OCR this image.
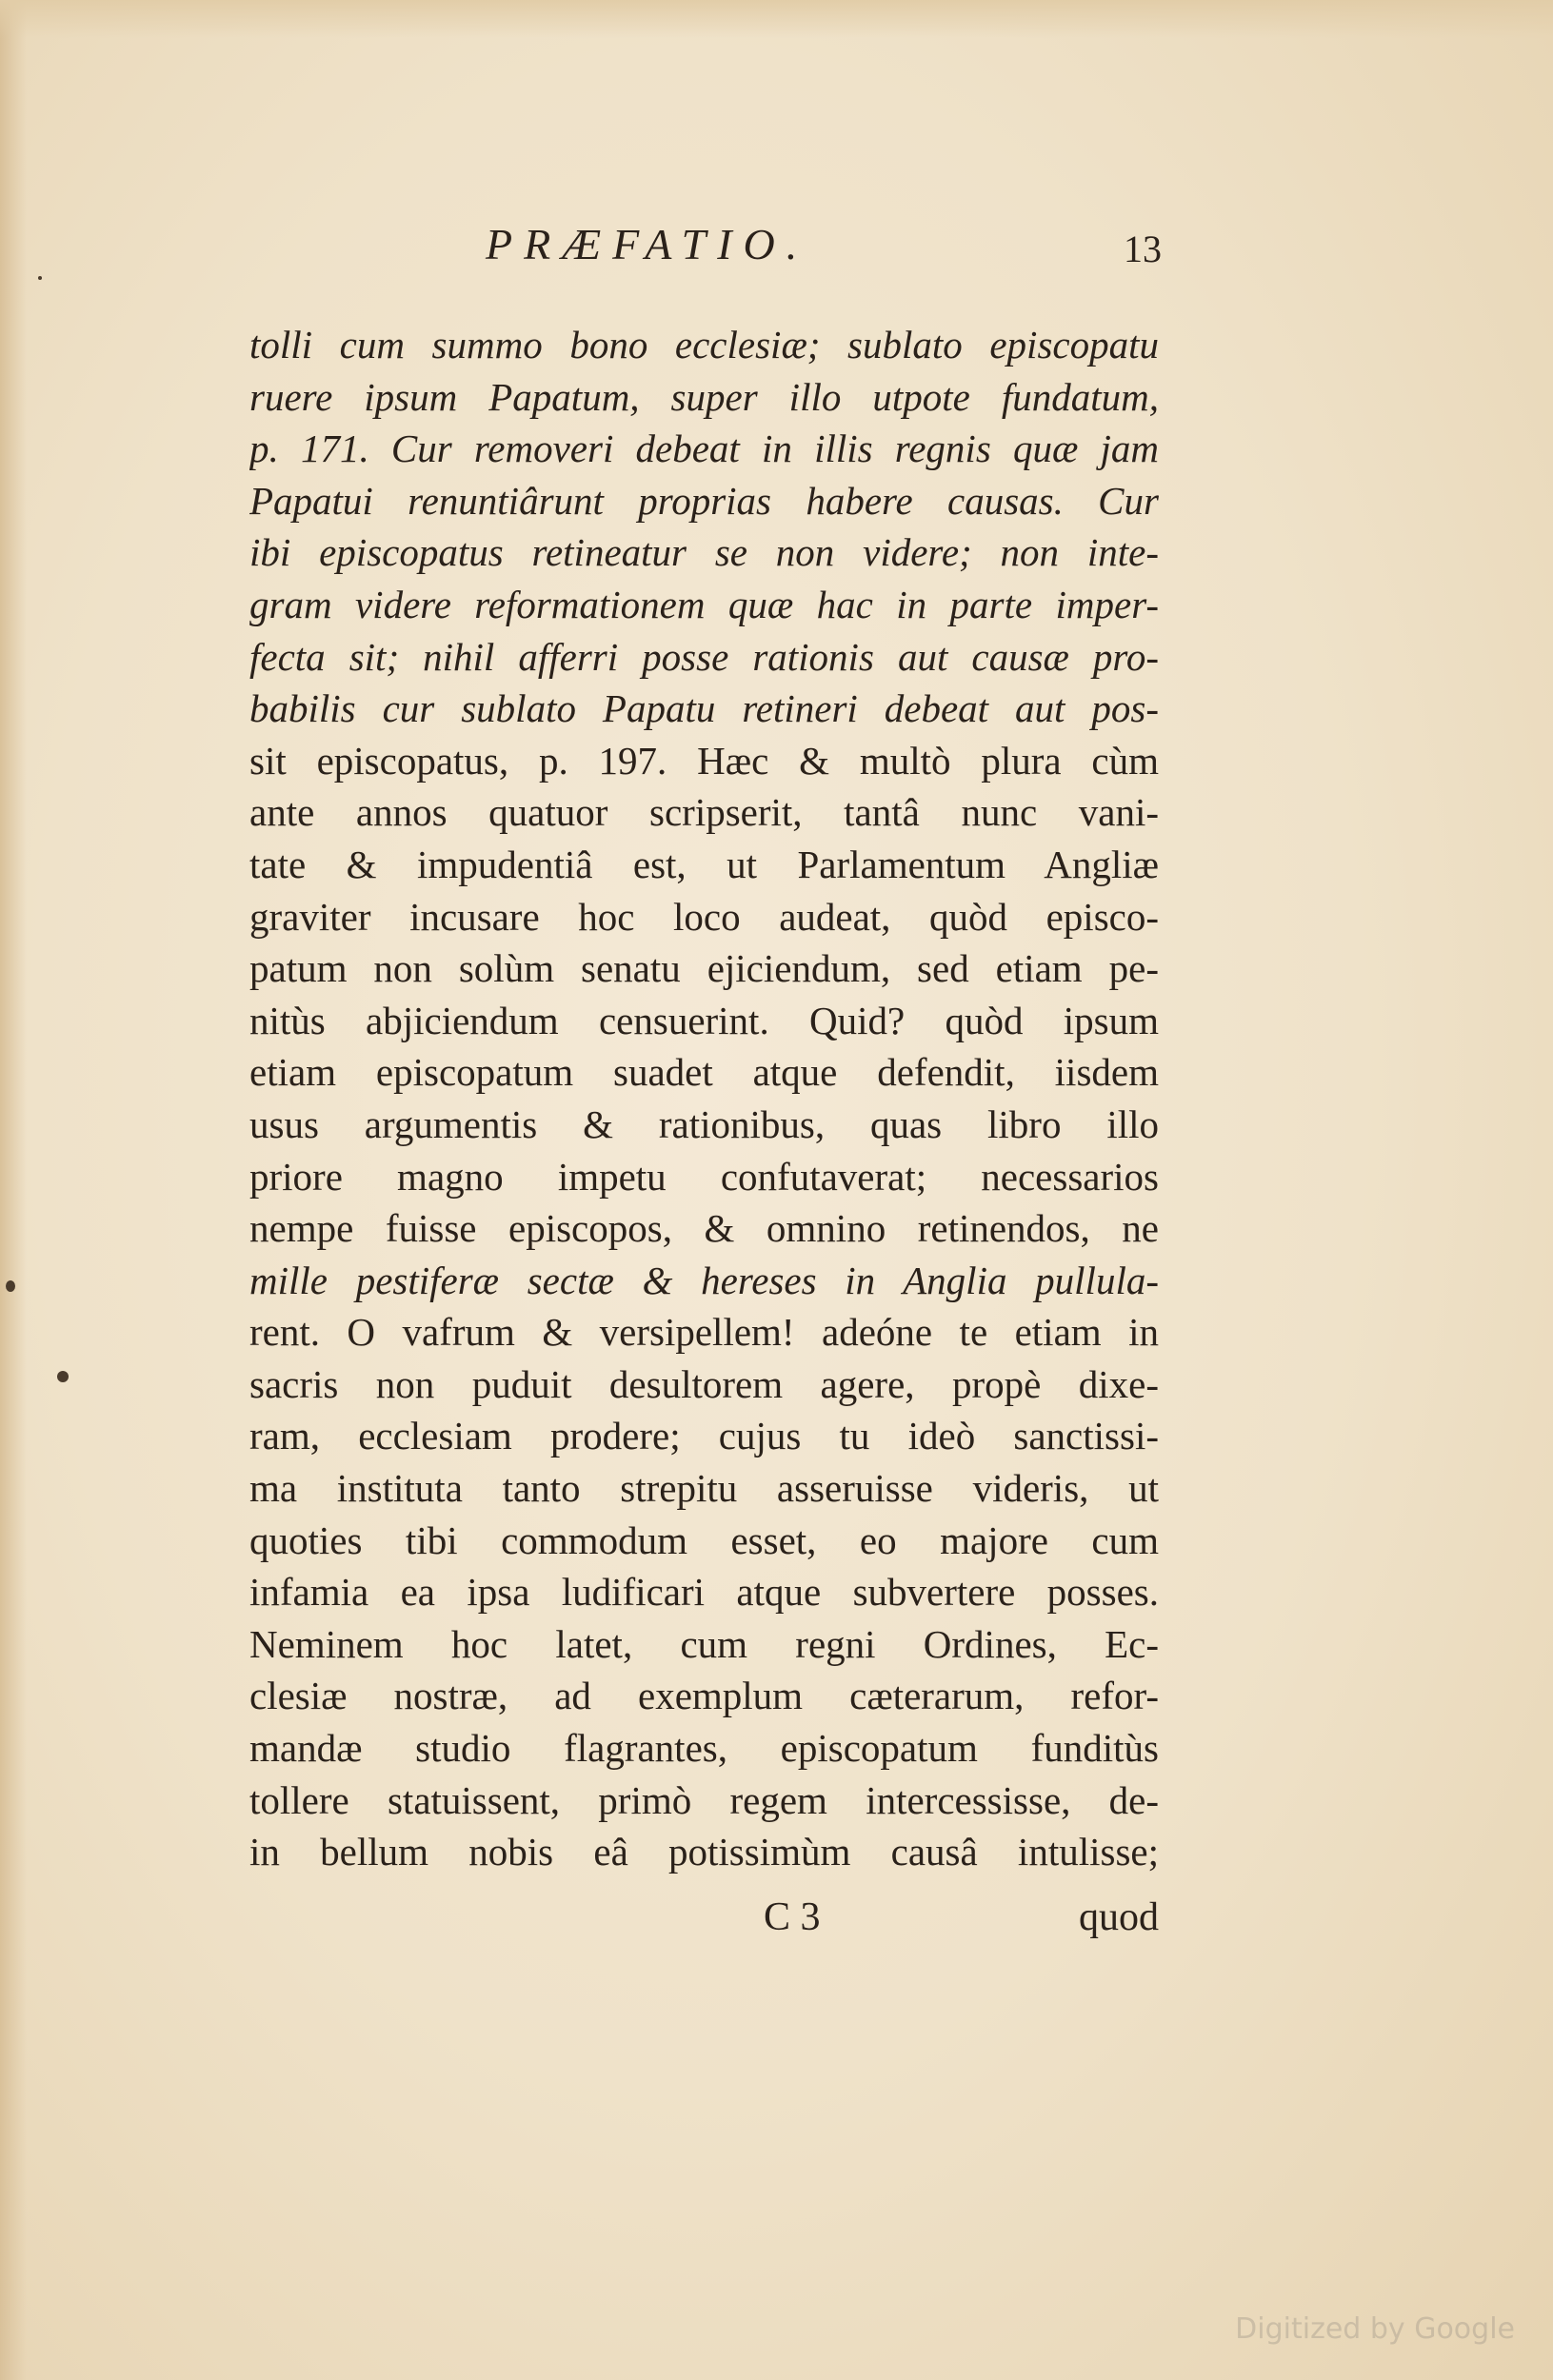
PRÆFATIO.	13
tolli cum summo bono ecclesiæ; sublato episcopatu
ruere ipsum Papatum, super illo utpote fundatum,
p. 171. Cur removeri debeat in illis regnis quæ jam
Papatui renuntiârunt proprias habere causas. Cur
ibi episcopatus retineatur se non videre; non inte-
gram videre reformationem quæ hac in parte imper-
fecta sit; nihil afferri posse rationis aut causæ pro-
babilis cur sublato Papatu retineri debeat aut pos-
sit episcopatus, p. 197. Hæc & multò plura cùm
ante annos quatuor scripserit, tantâ nunc vani-
tate & impudentiâ est, ut Parlamentum Angliæ
graviter incusare hoc loco audeat, quòd episco-
patum non solùm senatu ejiciendum, sed etiam pe-
nitùs abjiciendum censuerint. Quid? quòd ipsum
etiam episcopatum suadet atque defendit, iisdem
usus argumentis & rationibus, quas libro illo
priore magno impetu confutaverat; necessarios
nempe fuisse episcopos, & omnino retinendos, ne
mille pestiferæ sectæ & hereses in Anglia pullula-
rent. O vafrum & versipellem! adeóne te etiam in
sacris non puduit desultorem agere, propè dixe-
ram, ecclesiam prodere; cujus tu ideò sanctissi-
ma instituta tanto strepitu asseruisse videris, ut
quoties tibi commodum esset, eo majore cum
infamia ea ipsa ludificari atque subvertere posses.
Neminem hoc latet, cum regni Ordines, Ec-
clesiæ nostræ, ad exemplum cæterarum, refor-
mandæ studio flagrantes, episcopatum funditùs
tollere statuissent, primò regem intercessisse, de-
in bellum nobis eâ potissimùm causâ intulisse;
C 3	quod
Digitized by Google
